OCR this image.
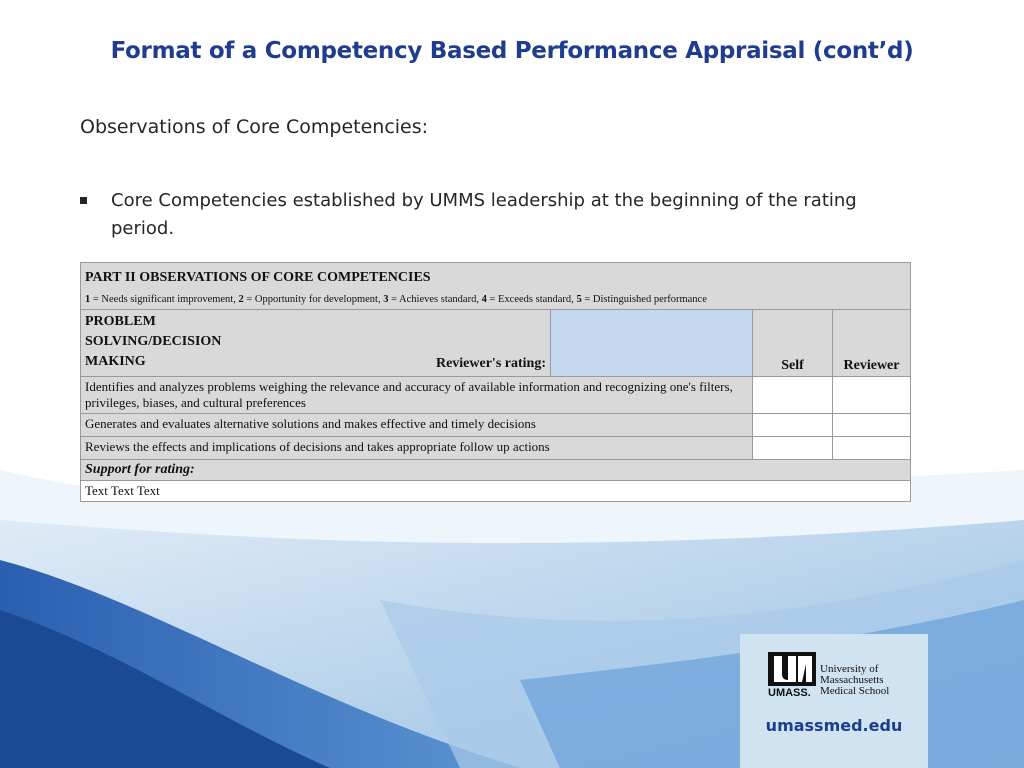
Format of a Competency Based Performance Appraisal (cont’d)
Observations of Core Competencies:
Core Competencies established by UMMS leadership at the beginning of the rating period.
PART II OBSERVATIONS OF CORE COMPETENCIES
1 = Needs significant improvement, 2 = Opportunity for development, 3 = Achieves standard, 4 = Exceeds standard, 5 = Distinguished performance			

PROBLEM
SOLVING/DECISION
MAKING Reviewer's rating:		Self	Reviewer
Identifies and analyzes problems weighing the relevance and accuracy of available information and recognizing one's filters, privileges, biases, and cultural preferences			
Generates and evaluates alternative solutions and makes effective and timely decisions			
Reviews the effects and implications of decisions and takes appropriate follow up actions			
Support for rating:			
Text Text Text			
UMASS.
University of
Massachusetts
Medical School
umassmed.edu
